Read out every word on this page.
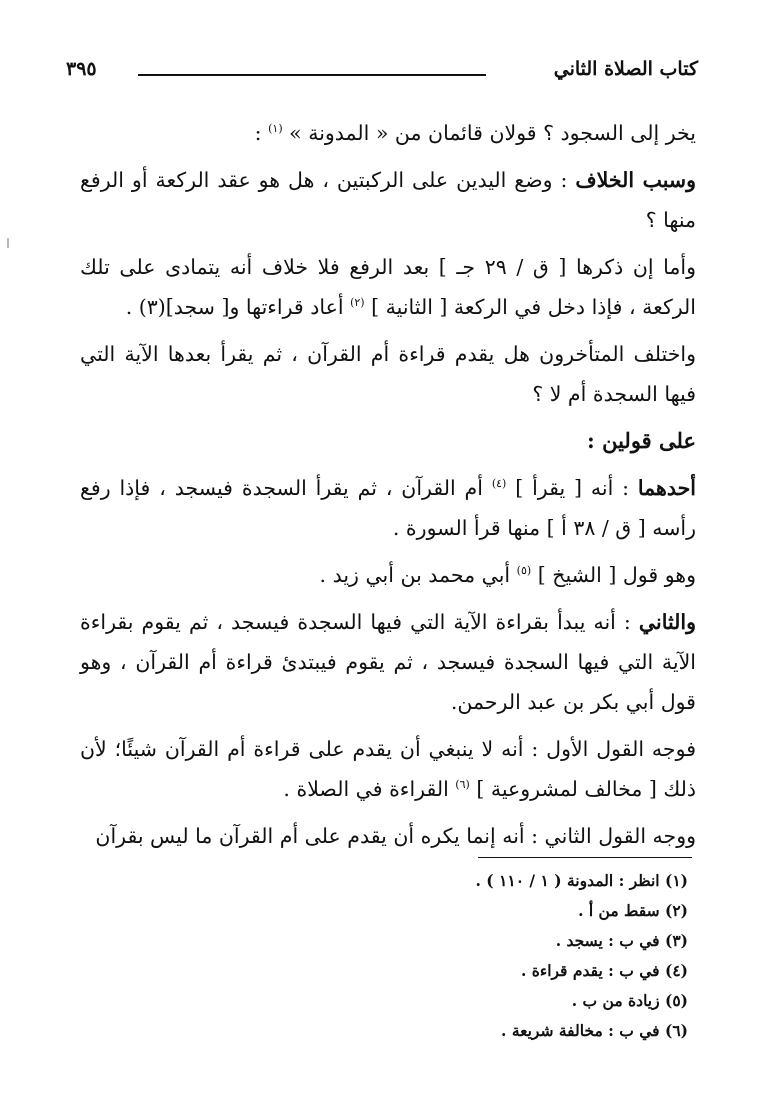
كتاب الصلاة الثاني
٣٩٥

يخر إلى السجود ؟ قولان قائمان من « المدونة » $^{(١)}$ :

وسبب الخلاف : وضع اليدين على الركبتين ، هل هو عقد الركعة أو الرفع منها ؟

وأما إن ذكرها [ ق / ٢٩ جـ ] بعد الرفع فلا خلاف أنه يتمادى على تلك الركعة ، فإذا دخل في الركعة [ الثانية ] $^{(٢)}$ أعاد قراءتها و[ سجد](٣) .

واختلف المتأخرون هل يقدم قراءة أم القرآن ، ثم يقرأ بعدها الآية التي فيها السجدة أم لا ؟

على قولين :

أحدهما : أنه [ يقرأ ] $^{(٤)}$ أم القرآن ، ثم يقرأ السجدة فيسجد ، فإذا رفع رأسه [ ق / ٣٨ أ ] منها قرأ السورة .

وهو قول [ الشيخ ] $^{(٥)}$ أبي محمد بن أبي زيد .

والثاني : أنه يبدأ بقراءة الآية التي فيها السجدة فيسجد ، ثم يقوم بقراءة الآية التي فيها السجدة فيسجد ، ثم يقوم فيبتدئ قراءة أم القرآن ، وهو قول أبي بكر بن عبد الرحمن.

فوجه القول الأول : أنه لا ينبغي أن يقدم على قراءة أم القرآن شيئًا؛ لأن ذلك [ مخالف لمشروعية ] $^{(٦)}$ القراءة في الصلاة .

ووجه القول الثاني : أنه إنما يكره أن يقدم على أم القرآن ما ليس بقرآن

(١) انظر : المدونة ( ١ / ١١٠ ) .
(٢) سقط من أ .
(٣) في ب : يسجد .
(٤) في ب : يقدم قراءة .
(٥) زيادة من ب .
(٦) في ب : مخالفة شريعة .
